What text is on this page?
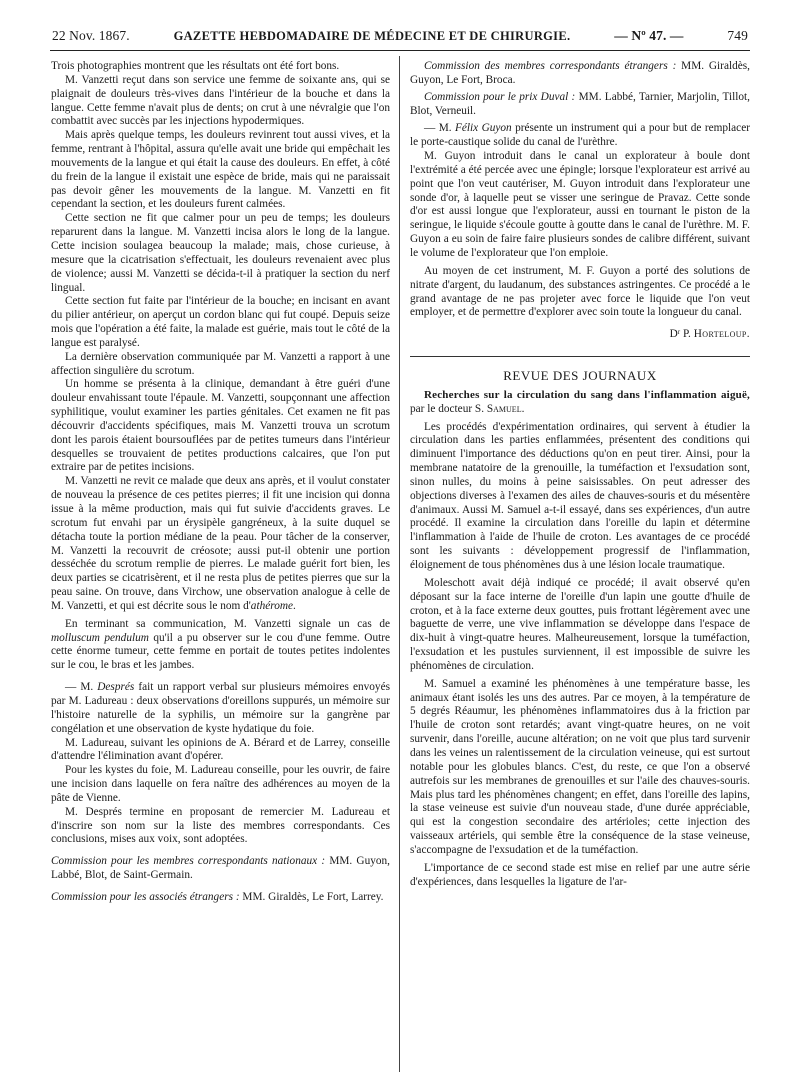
22 Nov. 1867.	GAZETTE HEBDOMADAIRE DE MÉDECINE ET DE CHIRURGIE.	— Nº 47. —	749

Trois photographies montrent que les résultats ont été fort bons.

M. Vanzetti reçut dans son service une femme de soixante ans, qui se plaignait de douleurs très-vives dans l'intérieur de la bouche et dans la langue. Cette femme n'avait plus de dents; on crut à une névralgie que l'on combattit avec succès par les injections hypodermiques.

Mais après quelque temps, les douleurs revinrent tout aussi vives, et la femme, rentrant à l'hôpital, assura qu'elle avait une bride qui empêchait les mouvements de la langue et qui était la cause des douleurs. En effet, à côté du frein de la langue il existait une espèce de bride, mais qui ne paraissait pas devoir gêner les mouvements de la langue. M. Vanzetti en fit cependant la section, et les douleurs furent calmées.

Cette section ne fit que calmer pour un peu de temps; les douleurs reparurent dans la langue. M. Vanzetti incisa alors le long de la langue. Cette incision soulagea beaucoup la malade; mais, chose curieuse, à mesure que la cicatrisation s'effectuait, les douleurs revenaient avec plus de violence; aussi M. Vanzetti se décida-t-il à pratiquer la section du nerf lingual.

Cette section fut faite par l'intérieur de la bouche; en incisant en avant du pilier antérieur, on aperçut un cordon blanc qui fut coupé. Depuis seize mois que l'opération a été faite, la malade est guérie, mais tout le côté de la langue est paralysé.

La dernière observation communiquée par M. Vanzetti a rapport à une affection singulière du scrotum.

Un homme se présenta à la clinique, demandant à être guéri d'une douleur envahissant toute l'épaule. M. Vanzetti, soupçonnant une affection syphilitique, voulut examiner les parties génitales. Cet examen ne fit pas découvrir d'accidents spécifiques, mais M. Vanzetti trouva un scrotum dont les parois étaient boursouflées par de petites tumeurs dans l'intérieur desquelles se trouvaient de petites productions calcaires, que l'on put extraire par de petites incisions.

M. Vanzetti ne revit ce malade que deux ans après, et il voulut constater de nouveau la présence de ces petites pierres; il fit une incision qui donna issue à la même production, mais qui fut suivie d'accidents graves. Le scrotum fut envahi par un érysipèle gangréneux, à la suite duquel se détacha toute la portion médiane de la peau. Pour tâcher de la conserver, M. Vanzetti la recouvrit de créosote; aussi put-il obtenir une portion desséchée du scrotum remplie de pierres. Le malade guérit fort bien, les deux parties se cicatrisèrent, et il ne resta plus de petites pierres que sur la peau saine. On trouve, dans Virchow, une observation analogue à celle de M. Vanzetti, et qui est décrite sous le nom d'athérome.

En terminant sa communication, M. Vanzetti signale un cas de molluscum pendulum qu'il a pu observer sur le cou d'une femme. Outre cette énorme tumeur, cette femme en portait de toutes petites indolentes sur le cou, le bras et les jambes.

— M. Després fait un rapport verbal sur plusieurs mémoires envoyés par M. Ladureau : deux observations d'oreillons suppurés, un mémoire sur l'histoire naturelle de la syphilis, un mémoire sur la gangrène par congélation et une observation de kyste hydatique du foie.

M. Ladureau, suivant les opinions de A. Bérard et de Larrey, conseille d'attendre l'élimination avant d'opérer.

Pour les kystes du foie, M. Ladureau conseille, pour les ouvrir, de faire une incision dans laquelle on fera naître des adhérences au moyen de la pâte de Vienne.

M. Després termine en proposant de remercier M. Ladureau et d'inscrire son nom sur la liste des membres correspondants. Ces conclusions, mises aux voix, sont adoptées.

Commission pour les membres correspondants nationaux : MM. Guyon, Labbé, Blot, de Saint-Germain.

Commission pour les associés étrangers : MM. Giraldès, Le Fort, Larrey.

Commission des membres correspondants étrangers : MM. Giraldès, Guyon, Le Fort, Broca.

Commission pour le prix Duval : MM. Labbé, Tarnier, Marjolin, Tillot, Blot, Verneuil.

— M. Félix Guyon présente un instrument qui a pour but de remplacer le porte-caustique solide du canal de l'urèthre.

M. Guyon introduit dans le canal un explorateur à boule dont l'extrémité a été percée avec une épingle; lorsque l'explorateur est arrivé au point que l'on veut cautériser, M. Guyon introduit dans l'explorateur une sonde d'or, à laquelle peut se visser une seringue de Pravaz. Cette sonde d'or est aussi longue que l'explorateur, aussi en tournant le piston de la seringue, le liquide s'écoule goutte à goutte dans le canal de l'urèthre. M. F. Guyon a eu soin de faire faire plusieurs sondes de calibre différent, suivant le volume de l'explorateur que l'on emploie.

Au moyen de cet instrument, M. F. Guyon a porté des solutions de nitrate d'argent, du laudanum, des substances astringentes. Ce procédé a le grand avantage de ne pas projeter avec force le liquide que l'on veut employer, et de permettre d'explorer avec soin toute la longueur du canal.

Dʳ P. Horteloup.
REVUE DES JOURNAUX

Recherches sur la circulation du sang dans l'inflammation aiguë, par le docteur S. Samuel.

Les procédés d'expérimentation ordinaires, qui servent à étudier la circulation dans les parties enflammées, présentent des conditions qui diminuent l'importance des déductions qu'on en peut tirer. Ainsi, pour la membrane natatoire de la grenouille, la tuméfaction et l'exsudation sont, sinon nulles, du moins à peine saisissables. On peut adresser des objections diverses à l'examen des ailes de chauves-souris et du mésentère d'animaux. Aussi M. Samuel a-t-il essayé, dans ses expériences, d'un autre procédé. Il examine la circulation dans l'oreille du lapin et détermine l'inflammation à l'aide de l'huile de croton. Les avantages de ce procédé sont les suivants : développement progressif de l'inflammation, éloignement de tous phénomènes dus à une lésion locale traumatique.

Moleschott avait déjà indiqué ce procédé; il avait observé qu'en déposant sur la face interne de l'oreille d'un lapin une goutte d'huile de croton, et à la face externe deux gouttes, puis frottant légèrement avec une baguette de verre, une vive inflammation se développe dans l'espace de dix-huit à vingt-quatre heures. Malheureusement, lorsque la tuméfaction, l'exsudation et les pustules surviennent, il est impossible de suivre les phénomènes de circulation.

M. Samuel a examiné les phénomènes à une température basse, les animaux étant isolés les uns des autres. Par ce moyen, à la température de 5 degrés Réaumur, les phénomènes inflammatoires dus à la friction par l'huile de croton sont retardés; avant vingt-quatre heures, on ne voit survenir, dans l'oreille, aucune altération; on ne voit que plus tard survenir dans les veines un ralentissement de la circulation veineuse, qui est surtout notable pour les globules blancs. C'est, du reste, ce que l'on a observé autrefois sur les membranes de grenouilles et sur l'aile des chauves-souris. Mais plus tard les phénomènes changent; en effet, dans l'oreille des lapins, la stase veineuse est suivie d'un nouveau stade, d'une durée appréciable, qui est la congestion secondaire des artérioles; cette injection des vaisseaux artériels, qui semble être la conséquence de la stase veineuse, s'accompagne de l'exsudation et de la tuméfaction.

L'importance de ce second stade est mise en relief par une autre série d'expériences, dans lesquelles la ligature de l'ar-
